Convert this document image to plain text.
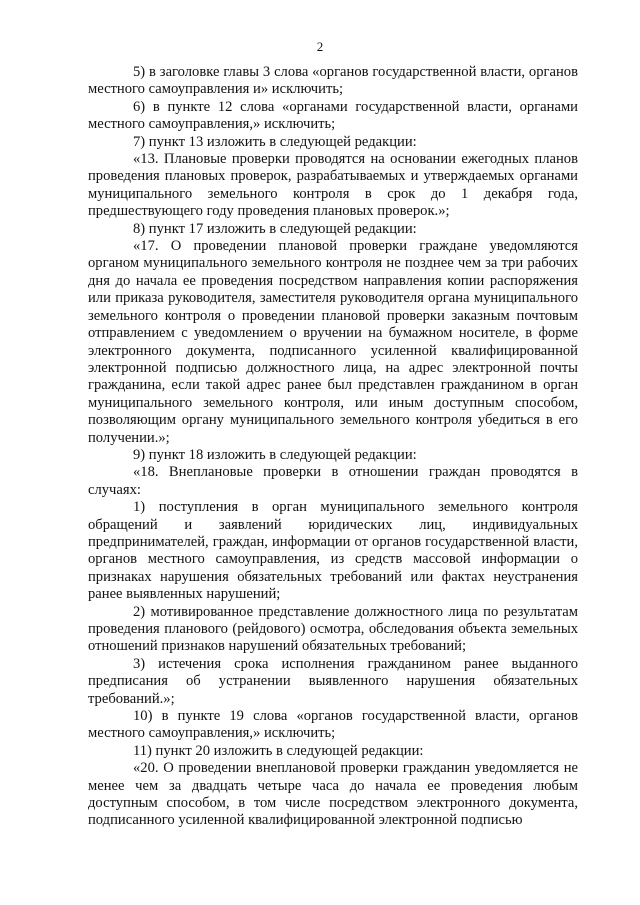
2

5) в заголовке главы 3 слова «органов государственной власти, органов местного самоуправления и» исключить;

6) в пункте 12 слова «органами государственной власти, органами местного самоуправления,» исключить;

7) пункт 13 изложить в следующей редакции:

«13. Плановые проверки проводятся на основании ежегодных планов проведения плановых проверок, разрабатываемых и утверждаемых органами муниципального земельного контроля в срок до 1 декабря года, предшествующего году проведения плановых проверок.»;

8) пункт 17 изложить в следующей редакции:

«17. О проведении плановой проверки граждане уведомляются органом муниципального земельного контроля не позднее чем за три рабочих дня до начала ее проведения посредством направления копии распоряжения или приказа руководителя, заместителя руководителя органа муниципального земельного контроля о проведении плановой проверки заказным почтовым отправлением с уведомлением о вручении на бумажном носителе, в форме электронного документа, подписанного усиленной квалифицированной электронной подписью должностного лица, на адрес электронной почты гражданина, если такой адрес ранее был представлен гражданином в орган муниципального земельного контроля, или иным доступным способом, позволяющим органу муниципального земельного контроля убедиться в его получении.»;

9) пункт 18 изложить в следующей редакции:

«18. Внеплановые проверки в отношении граждан проводятся в случаях:

1) поступления в орган муниципального земельного контроля обращений и заявлений юридических лиц, индивидуальных предпринимателей, граждан, информации от органов государственной власти, органов местного самоуправления, из средств массовой информации о признаках нарушения обязательных требований или фактах неустранения ранее выявленных нарушений;

2) мотивированное представление должностного лица по результатам проведения планового (рейдового) осмотра, обследования объекта земельных отношений признаков нарушений обязательных требований;

3) истечения срока исполнения гражданином ранее выданного предписания об устранении выявленного нарушения обязательных требований.»;

10) в пункте 19 слова «органов государственной власти, органов местного самоуправления,» исключить;

11) пункт 20 изложить в следующей редакции:

«20. О проведении внеплановой проверки гражданин уведомляется не менее чем за двадцать четыре часа до начала ее проведения любым доступным способом, в том числе посредством электронного документа, подписанного усиленной квалифицированной электронной подписью
